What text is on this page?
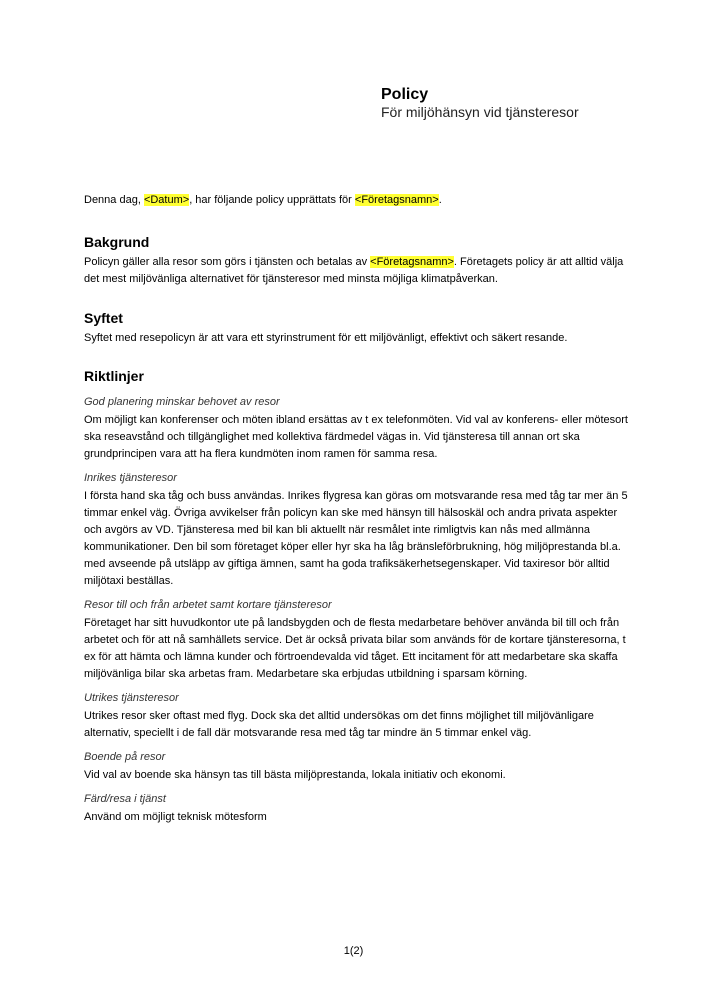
Policy
För miljöhänsyn vid tjänsteresor

Denna dag, <Datum>, har följande policy upprättats för <Företagsnamn>.

Bakgrund

Policyn gäller alla resor som görs i tjänsten och betalas av <Företagsnamn>. Företagets policy är att alltid välja det mest miljövänliga alternativet för tjänsteresor med minsta möjliga klimatpåverkan.

Syftet

Syftet med resepolicyn är att vara ett styrinstrument för ett miljövänligt, effektivt och säkert resande.

Riktlinjer
God planering minskar behovet av resor

Om möjligt kan konferenser och möten ibland ersättas av t ex telefonmöten. Vid val av konferens- eller mötesort ska reseavstånd och tillgänglighet med kollektiva färdmedel vägas in. Vid tjänsteresa till annan ort ska grundprincipen vara att ha flera kundmöten inom ramen för samma resa.

Inrikes tjänsteresor

I första hand ska tåg och buss användas. Inrikes flygresa kan göras om motsvarande resa med tåg tar mer än 5 timmar enkel väg. Övriga avvikelser från policyn kan ske med hänsyn till hälsoskäl och andra privata aspekter och avgörs av VD. Tjänsteresa med bil kan bli aktuellt när resmålet inte rimligtvis kan nås med allmänna kommunikationer. Den bil som företaget köper eller hyr ska ha låg bränsleförbrukning, hög miljöprestanda bl.a. med avseende på utsläpp av giftiga ämnen, samt ha goda trafiksäkerhetsegenskaper. Vid taxiresor bör alltid miljötaxi beställas.

Resor till och från arbetet samt kortare tjänsteresor

Företaget har sitt huvudkontor ute på landsbygden och de flesta medarbetare behöver använda bil till och från arbetet och för att nå samhällets service. Det är också privata bilar som används för de kortare tjänsteresorna, t ex för att hämta och lämna kunder och förtroendevalda vid tåget. Ett incitament för att medarbetare ska skaffa miljövänliga bilar ska arbetas fram. Medarbetare ska erbjudas utbildning i sparsam körning.

Utrikes tjänsteresor

Utrikes resor sker oftast med flyg. Dock ska det alltid undersökas om det finns möjlighet till miljövänligare alternativ, speciellt i de fall där motsvarande resa med tåg tar mindre än 5 timmar enkel väg.

Boende på resor

Vid val av boende ska hänsyn tas till bästa miljöprestanda, lokala initiativ och ekonomi.

Färd/resa i tjänst

Använd om möjligt teknisk mötesform

1(2)
